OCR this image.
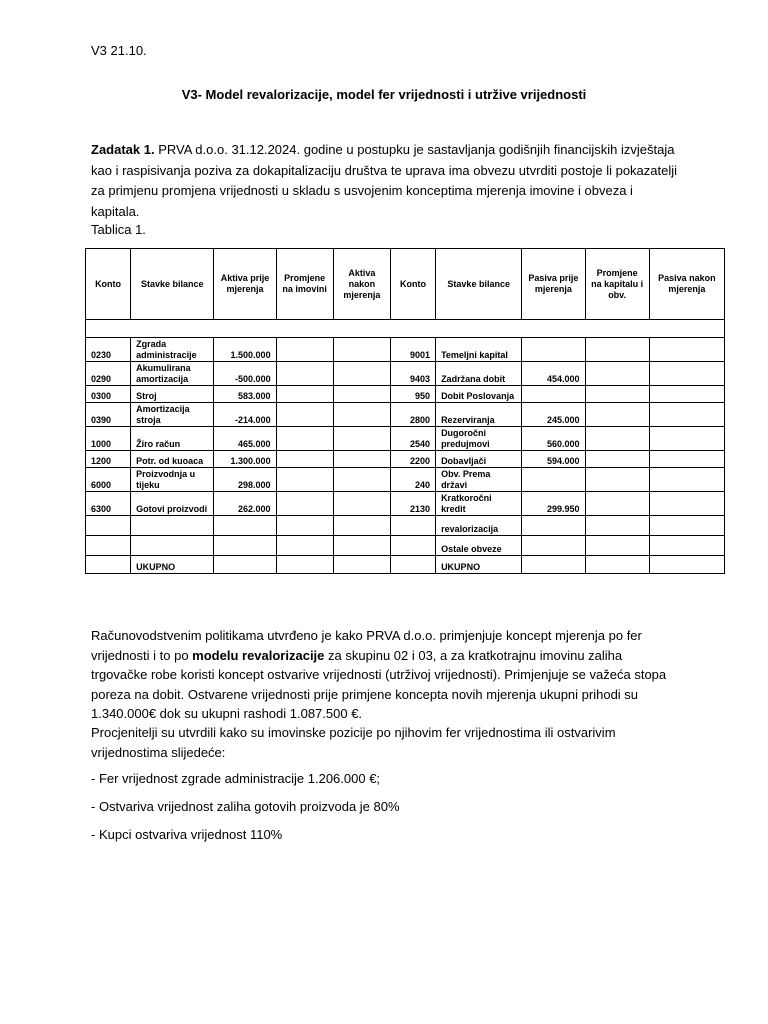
V3 21.10.
V3- Model revalorizacije, model fer vrijednosti i utržive vrijednosti
Zadatak 1. PRVA d.o.o. 31.12.2024. godine u postupku je sastavljanja godišnjih financijskih izvještaja kao i raspisivanja poziva za dokapitalizaciju društva te uprava ima obvezu utvrditi postoje li pokazatelji za primjenu promjena vrijednosti u skladu s usvojenim konceptima mjerenja imovine i obveza i kapitala.
Tablica 1.
Konto	Stavke bilance	Aktiva prije mjerenja	Promjene na imovini	Aktiva nakon mjerenja	Konto	Stavke bilance	Pasiva prije mjerenja	Promjene na kapitalu i obv.	Pasiva nakon mjerenja

0230	Zgrada administracije	1.500.000			9001	Temeljni kapital			
0290	Akumulirana amortizacija	-500.000			9403	Zadržana dobit	454.000		
0300	Stroj	583.000			950	Dobit Poslovanja			
0390	Amortizacija stroja	-214.000			2800	Rezerviranja	245.000		
1000	Žiro račun	465.000			2540	Dugoročni predujmovi	560.000		
1200	Potr. od kuoaca	1.300.000			2200	Dobavljači	594.000		
6000	Proizvodnja u tijeku	298.000			240	Obv. Prema državi			
6300	Gotovi proizvodi	262.000			2130	Kratkoročni kredit	299.950		
						revalorizacija			
						Ostale obveze			
	UKUPNO					UKUPNO			
Računovodstvenim politikama utvrđeno je kako PRVA d.o.o. primjenjuje koncept mjerenja po fer vrijednosti i to po modelu revalorizacije za skupinu 02 i 03, a za kratkotrajnu imovinu zaliha trgovačke robe koristi koncept ostvarive vrijednosti (utrživoj vrijednosti). Primjenjuje se važeća stopa poreza na dobit. Ostvarene vrijednosti prije primjene koncepta novih mjerenja ukupni prihodi su 1.340.000€ dok su ukupni rashodi 1.087.500 €.
Procjenitelji su utvrdili kako su imovinske pozicije po njihovim fer vrijednostima ili ostvarivim vrijednostima slijedeće:
- Fer vrijednost zgrade administracije 1.206.000 €;
- Ostvariva vrijednost zaliha gotovih proizvoda je 80%
- Kupci ostvariva vrijednost 110%
